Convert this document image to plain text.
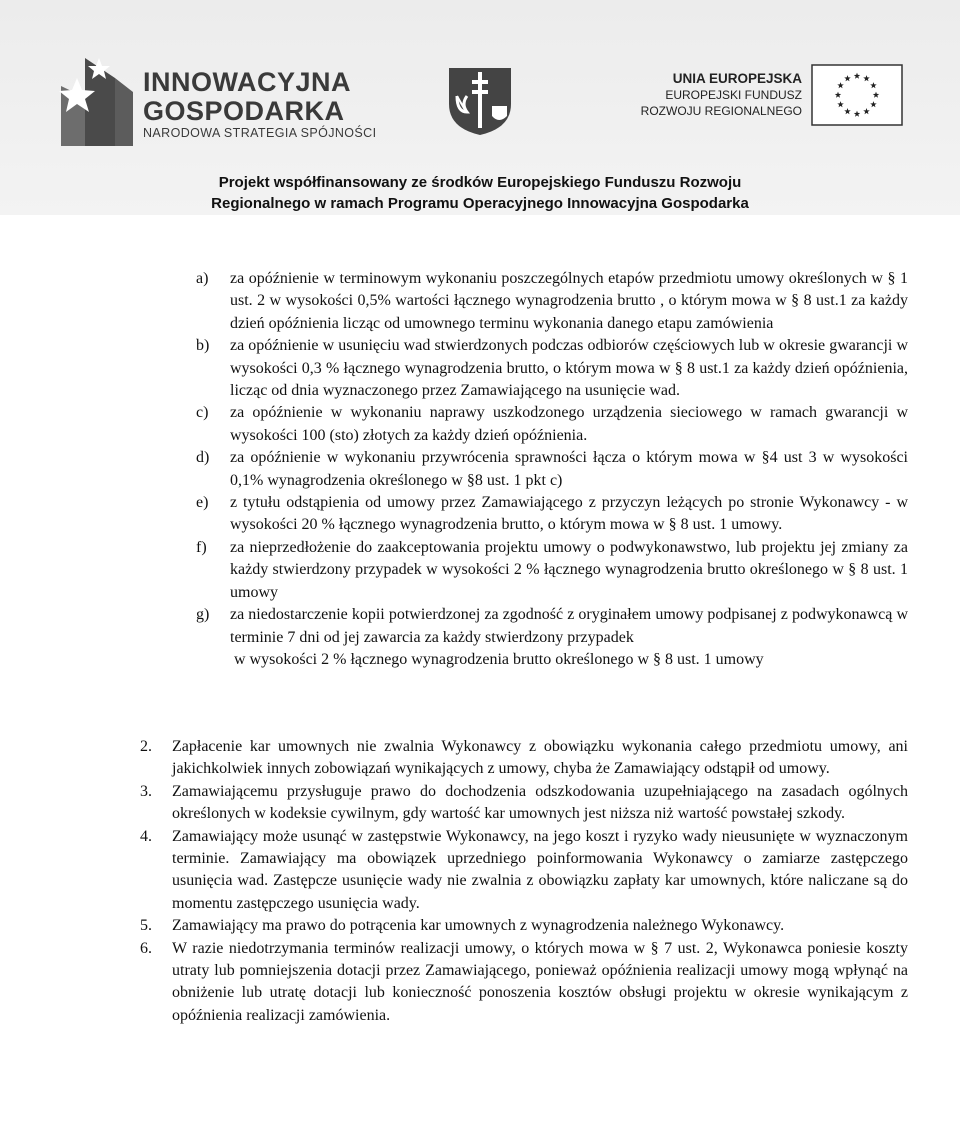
INNOWACYJNA
GOSPODARKA
NARODOWA STRATEGIA SPÓJNOŚCI
UNIA EUROPEJSKA
EUROPEJSKI FUNDUSZ
ROZWOJU REGIONALNEGO
Projekt współfinansowany ze środków Europejskiego Funduszu Rozwoju
Regionalnego w ramach Programu Operacyjnego Innowacyjna Gospodarka
a) za opóźnienie w terminowym wykonaniu poszczególnych etapów przedmiotu umowy określonych w § 1 ust. 2 w wysokości 0,5% wartości łącznego wynagrodzenia brutto , o którym mowa w § 8 ust.1 za każdy dzień opóźnienia licząc od umownego terminu wykonania danego etapu zamówienia
b) za opóźnienie w usunięciu wad stwierdzonych podczas odbiorów częściowych lub w okresie gwarancji w wysokości 0,3 % łącznego wynagrodzenia brutto, o którym mowa w § 8 ust.1 za każdy dzień opóźnienia, licząc od dnia wyznaczonego przez Zamawiającego na usunięcie wad.
c) za opóźnienie w wykonaniu naprawy uszkodzonego urządzenia sieciowego w ramach gwarancji w wysokości 100 (sto) złotych za każdy dzień opóźnienia.
d) za opóźnienie w wykonaniu przywrócenia sprawności łącza o którym mowa w §4 ust 3 w wysokości 0,1% wynagrodzenia określonego w §8 ust. 1 pkt c)
e) z tytułu odstąpienia od umowy przez Zamawiającego z przyczyn leżących po stronie Wykonawcy - w wysokości 20 % łącznego wynagrodzenia brutto, o którym mowa w § 8 ust. 1 umowy.
f) za nieprzedłożenie do zaakceptowania projektu umowy o podwykonawstwo, lub projektu jej zmiany za każdy stwierdzony przypadek w wysokości 2 % łącznego wynagrodzenia brutto określonego w § 8 ust. 1 umowy
g) za niedostarczenie kopii potwierdzonej za zgodność z oryginałem umowy podpisanej z podwykonawcą w terminie 7 dni od jej zawarcia za każdy stwierdzony przypadek
w wysokości 2 % łącznego wynagrodzenia brutto określonego w § 8 ust. 1 umowy
2. Zapłacenie kar umownych nie zwalnia Wykonawcy z obowiązku wykonania całego przedmiotu umowy, ani jakichkolwiek innych zobowiązań wynikających z umowy, chyba że Zamawiający odstąpił od umowy.
3. Zamawiającemu przysługuje prawo do dochodzenia odszkodowania uzupełniającego na zasadach ogólnych określonych w kodeksie cywilnym, gdy wartość kar umownych jest niższa niż wartość powstałej szkody.
4. Zamawiający może usunąć w zastępstwie Wykonawcy, na jego koszt i ryzyko wady nieusunięte w wyznaczonym terminie. Zamawiający ma obowiązek uprzedniego poinformowania Wykonawcy o zamiarze zastępczego usunięcia wad. Zastępcze usunięcie wady nie zwalnia z obowiązku zapłaty kar umownych, które naliczane są do momentu zastępczego usunięcia wady.
5. Zamawiający ma prawo do potrącenia kar umownych z wynagrodzenia należnego Wykonawcy.
6. W razie niedotrzymania terminów realizacji umowy, o których mowa w § 7 ust. 2, Wykonawca poniesie koszty utraty lub pomniejszenia dotacji przez Zamawiającego, ponieważ opóźnienia realizacji umowy mogą wpłynąć na obniżenie lub utratę dotacji lub konieczność ponoszenia kosztów obsługi projektu w okresie wynikającym z opóźnienia realizacji zamówienia.
